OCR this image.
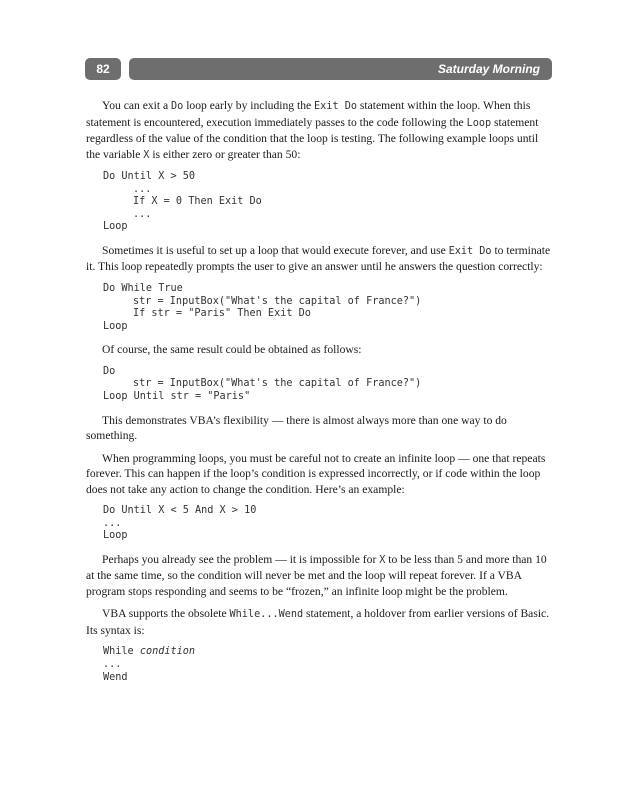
82	Saturday Morning

You can exit a Do loop early by including the Exit Do statement within the loop. When this statement is encountered, execution immediately passes to the code following the Loop statement regardless of the value of the condition that the loop is testing. The following example loops until the variable X is either zero or greater than 50:

Do Until X > 50
...
If X = 0 Then Exit Do
...
Loop

Sometimes it is useful to set up a loop that would execute forever, and use Exit Do to terminate it. This loop repeatedly prompts the user to give an answer until he answers the question correctly:

Do While True
str = InputBox("What's the capital of France?")
If str = "Paris" Then Exit Do
Loop

Of course, the same result could be obtained as follows:

Do
str = InputBox("What's the capital of France?")
Loop Until str = "Paris"

This demonstrates VBA’s flexibility — there is almost always more than one way to do something.

When programming loops, you must be careful not to create an infinite loop — one that repeats forever. This can happen if the loop’s condition is expressed incorrectly, or if code within the loop does not take any action to change the condition. Here’s an example:

Do Until X < 5 And X > 10
...
Loop

Perhaps you already see the problem — it is impossible for X to be less than 5 and more than 10 at the same time, so the condition will never be met and the loop will repeat forever. If a VBA program stops responding and seems to be “frozen,” an infinite loop might be the problem.

VBA supports the obsolete While...Wend statement, a holdover from earlier versions of Basic. Its syntax is:

While condition
...
Wend
